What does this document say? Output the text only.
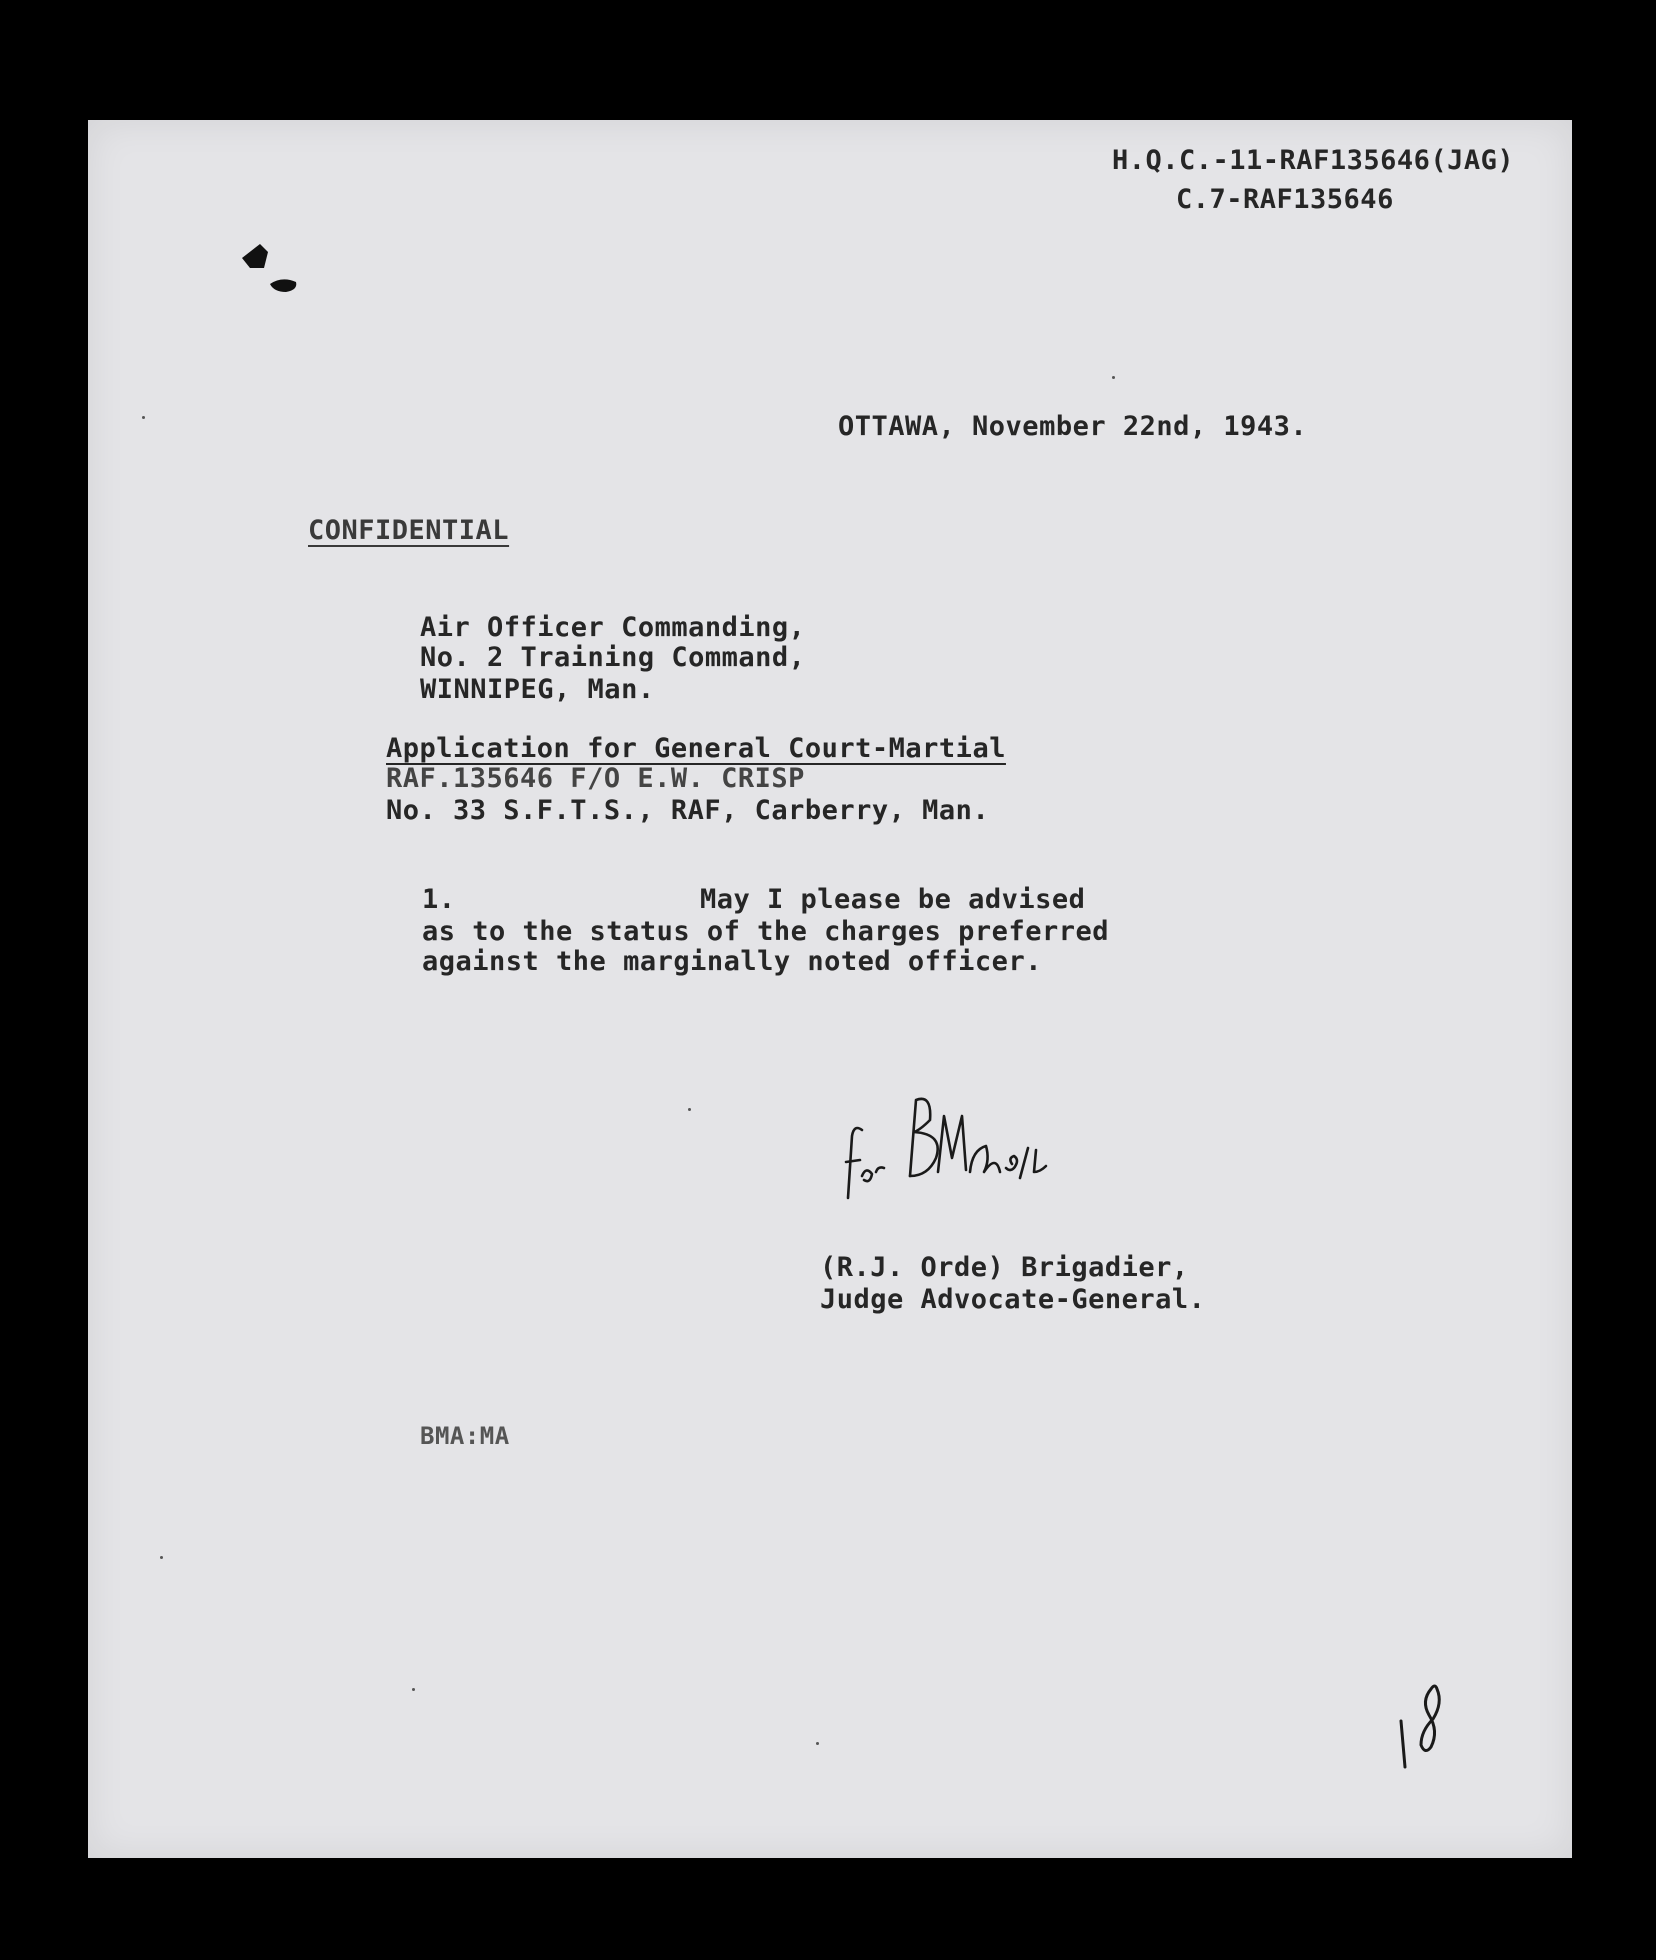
H.Q.C.-11-RAF135646(JAG)
C.7-RAF135646
OTTAWA, November 22nd, 1943.
CONFIDENTIAL
Air Officer Commanding,
No. 2 Training Command,
WINNIPEG, Man.
Application for General Court-Martial
RAF.135646 F/O E.W. CRISP
No. 33 S.F.T.S., RAF, Carberry, Man.
1.	May I please be advised
as to the status of the charges preferred
against the marginally noted officer.
(R.J. Orde) Brigadier,
Judge Advocate-General.
BMA:MA
